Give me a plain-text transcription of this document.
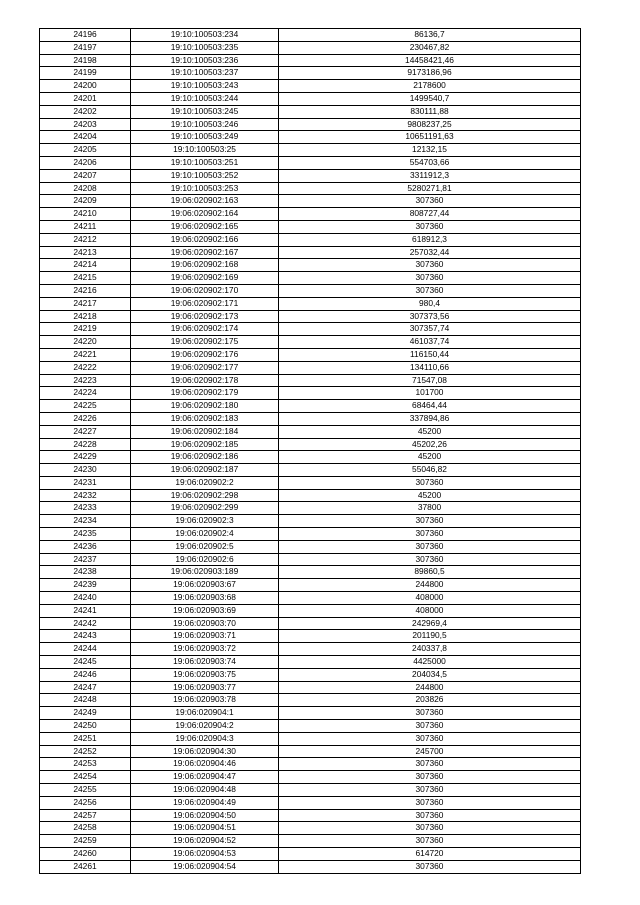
24196	19:10:100503:234	86136,7
24197	19:10:100503:235	230467,82
24198	19:10:100503:236	14458421,46
24199	19:10:100503:237	9173186,96
24200	19:10:100503:243	2178600
24201	19:10:100503:244	1499540,7
24202	19:10:100503:245	830111,88
24203	19:10:100503:246	9808237,25
24204	19:10:100503:249	10651191,63
24205	19:10:100503:25	12132,15
24206	19:10:100503:251	554703,66
24207	19:10:100503:252	3311912,3
24208	19:10:100503:253	5280271,81
24209	19:06:020902:163	307360
24210	19:06:020902:164	808727,44
24211	19:06:020902:165	307360
24212	19:06:020902:166	618912,3
24213	19:06:020902:167	257032,44
24214	19:06:020902:168	307360
24215	19:06:020902:169	307360
24216	19:06:020902:170	307360
24217	19:06:020902:171	980,4
24218	19:06:020902:173	307373,56
24219	19:06:020902:174	307357,74
24220	19:06:020902:175	461037,74
24221	19:06:020902:176	116150,44
24222	19:06:020902:177	134110,66
24223	19:06:020902:178	71547,08
24224	19:06:020902:179	101700
24225	19:06:020902:180	68464,44
24226	19:06:020902:183	337894,86
24227	19:06:020902:184	45200
24228	19:06:020902:185	45202,26
24229	19:06:020902:186	45200
24230	19:06:020902:187	55046,82
24231	19:06:020902:2	307360
24232	19:06:020902:298	45200
24233	19:06:020902:299	37800
24234	19:06:020902:3	307360
24235	19:06:020902:4	307360
24236	19:06:020902:5	307360
24237	19:06:020902:6	307360
24238	19:06:020903:189	89860,5
24239	19:06:020903:67	244800
24240	19:06:020903:68	408000
24241	19:06:020903:69	408000
24242	19:06:020903:70	242969,4
24243	19:06:020903:71	201190,5
24244	19:06:020903:72	240337,8
24245	19:06:020903:74	4425000
24246	19:06:020903:75	204034,5
24247	19:06:020903:77	244800
24248	19:06:020903:78	203826
24249	19:06:020904:1	307360
24250	19:06:020904:2	307360
24251	19:06:020904:3	307360
24252	19:06:020904:30	245700
24253	19:06:020904:46	307360
24254	19:06:020904:47	307360
24255	19:06:020904:48	307360
24256	19:06:020904:49	307360
24257	19:06:020904:50	307360
24258	19:06:020904:51	307360
24259	19:06:020904:52	307360
24260	19:06:020904:53	614720
24261	19:06:020904:54	307360
